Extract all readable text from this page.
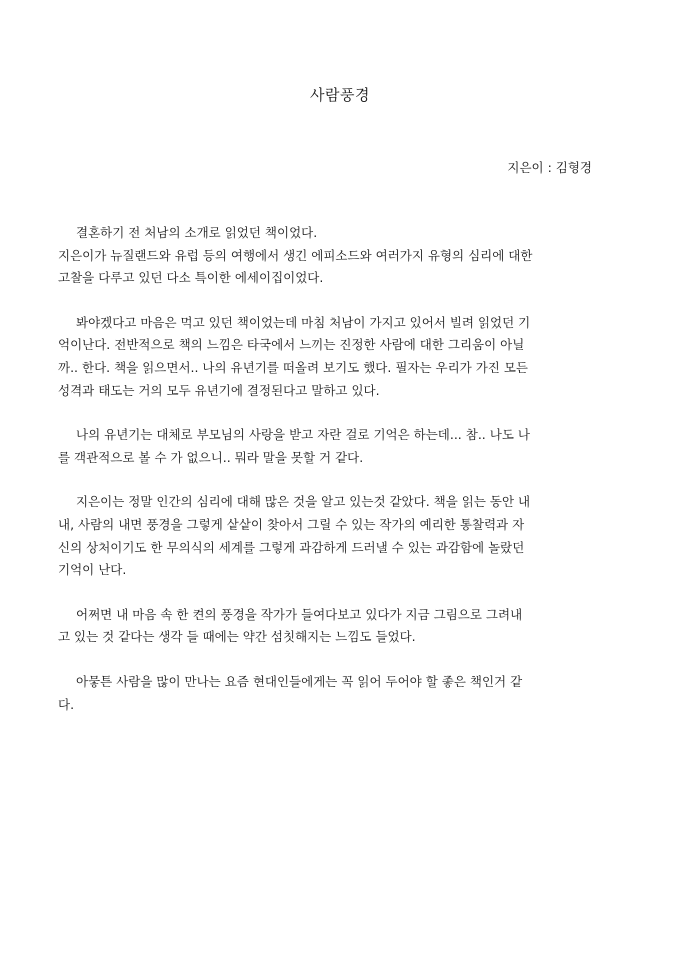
사람풍경

지은이 : 김형경

결혼하기 전 처남의 소개로 읽었던 책이었다.
지은이가 뉴질랜드와 유럽 등의 여행에서 생긴 에피소드와 여러가지 유형의 심리에 대한
고찰을 다루고 있던 다소 특이한 에세이집이었다.

봐야겠다고 마음은 먹고 있던 책이었는데 마침 처남이 가지고 있어서 빌려 읽었던 기
억이난다. 전반적으로 책의 느낌은 타국에서 느끼는 진정한 사람에 대한 그리움이 아닐
까.. 한다. 책을 읽으면서.. 나의 유년기를 떠올려 보기도 했다. 필자는 우리가 가진 모든
성격과 태도는 거의 모두 유년기에 결정된다고 말하고 있다.

나의 유년기는 대체로 부모님의 사랑을 받고 자란 걸로 기억은 하는데... 참.. 나도 나
를 객관적으로 볼 수 가 없으니.. 뭐라 말을 못할 거 같다.

지은이는 정말 인간의 심리에 대해 많은 것을 알고 있는것 같았다. 책을 읽는 동안 내
내, 사람의 내면 풍경을 그렇게 샅샅이 찾아서 그릴 수 있는 작가의 예리한 통찰력과 자
신의 상처이기도 한 무의식의 세계를 그렇게 과감하게 드러낼 수 있는 과감함에 놀랐던
기억이 난다.

어쩌면 내 마음 속 한 켠의 풍경을 작가가 들여다보고 있다가 지금 그림으로 그려내
고 있는 것 같다는 생각 들 때에는 약간 섬칫해지는 느낌도 들었다.

아뭏튼 사람을 많이 만나는 요즘 현대인들에게는 꼭 읽어 두어야 할 좋은 책인거 같
다.
